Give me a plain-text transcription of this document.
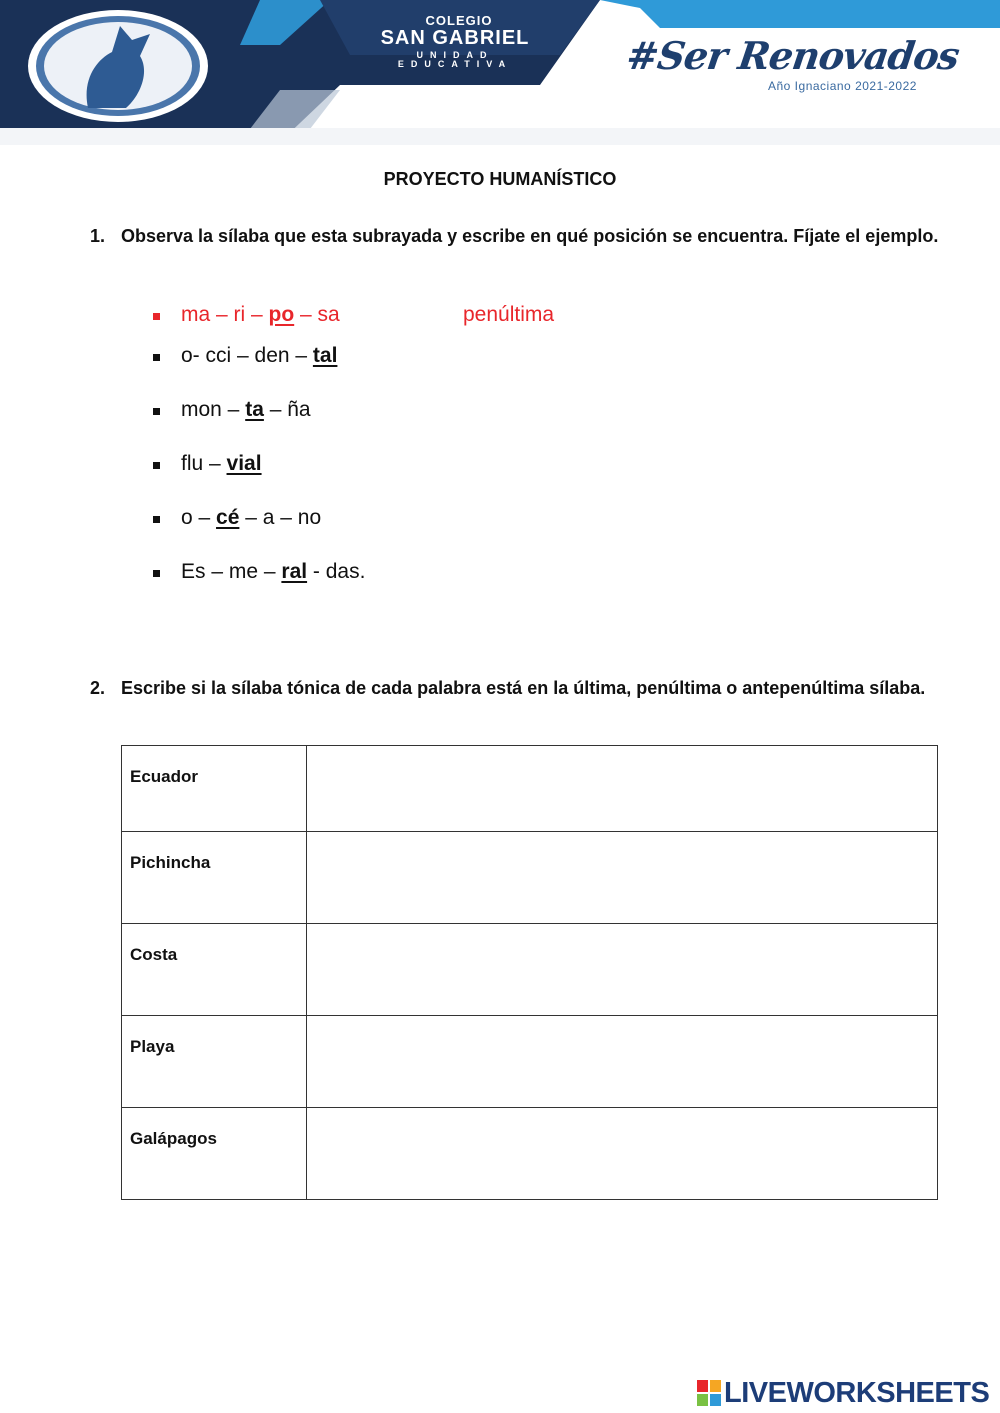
COLEGIO
SAN GABRIEL
UNIDAD EDUCATIVA	#Ser Renovados
Año Ignaciano 2021-2022
PROYECTO HUMANÍSTICO
1. Observa la sílaba que esta subrayada y escribe en qué posición se encuentra. Fíjate el ejemplo.
ma – ri – po – sa	penúltima
o- cci – den – tal
mon – ta – ña
flu – vial
o – cé – a – no
Es – me – ral - das.
2. Escribe si la sílaba tónica de cada palabra está en la última, penúltima o antepenúltima sílaba.
Ecuador	
Pichincha	
Costa	
Playa	
Galápagos	
LIVEWORKSHEETS
